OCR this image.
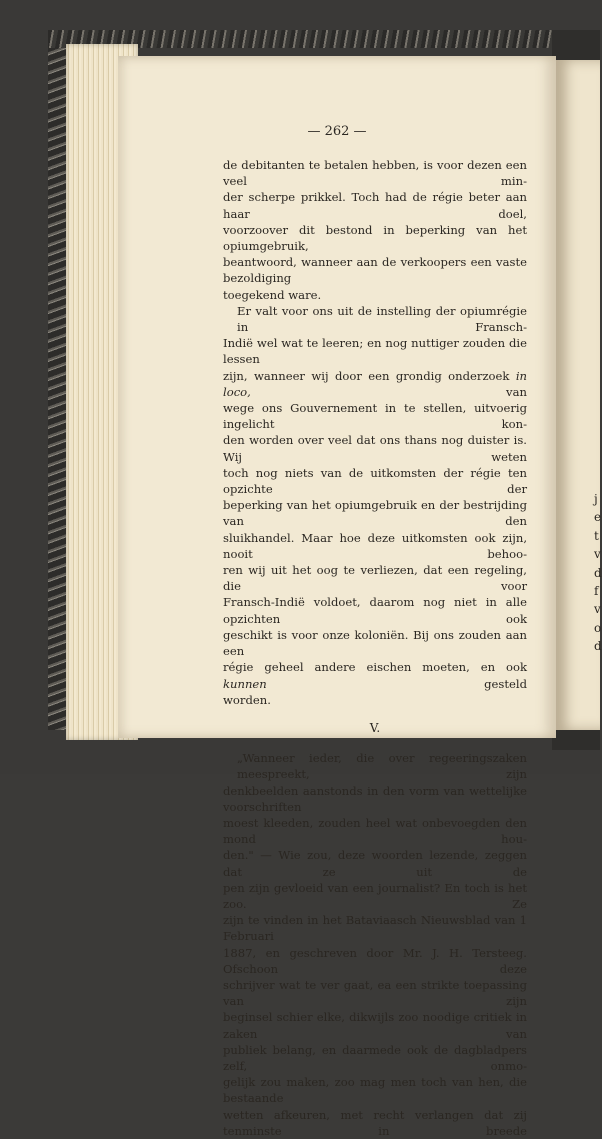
j
e
t
v
d
f
v
o
d
— 262 —

de debitanten te betalen hebben, is voor dezen een veel min-
der scherpe prikkel. Toch had de régie beter aan haar doel,
voorzoover dit bestond in beperking van het opiumgebruik,
beantwoord, wanneer aan de verkoopers een vaste bezoldiging
toegekend ware.

Er valt voor ons uit de instelling der opiumrégie in Fransch-
Indië wel wat te leeren; en nog nuttiger zouden die lessen
zijn, wanneer wij door een grondig onderzoek in loco, van
wege ons Gouvernement in te stellen, uitvoerig ingelicht kon-
den worden over veel dat ons thans nog duister is. Wij weten
toch nog niets van de uitkomsten der régie ten opzichte der
beperking van het opiumgebruik en der bestrijding van den
sluikhandel. Maar hoe deze uitkomsten ook zijn, nooit behoo-
ren wij uit het oog te verliezen, dat een regeling, die voor
Fransch-Indië voldoet, daarom nog niet in alle opzichten ook
geschikt is voor onze koloniën. Bij ons zouden aan een
régie geheel andere eischen moeten, en ook kunnen gesteld
worden.

V.

„Wanneer ieder, die over regeeringszaken meespreekt, zijn
denkbeelden aanstonds in den vorm van wettelijke voorschriften
moest kleeden, zouden heel wat onbevoegden den mond hou-
den." — Wie zou, deze woorden lezende, zeggen dat ze uit de
pen zijn gevloeid van een journalist? En toch is het zoo. Ze
zijn te vinden in het Bataviaasch Nieuwsblad van 1 Februari
1887, en geschreven door Mr. J. H. Tersteeg. Ofschoon deze
schrijver wat te ver gaat, ea een strikte toepassing van zijn
beginsel schier elke, dikwijls zoo noodige critiek in zaken van
publiek belang, en daarmede ook de dagbladpers zelf, onmo-
gelijk zou maken, zoo mag men toch van hen, die bestaande
wetten afkeuren, met recht verlangen dat zij tenminste in breede
